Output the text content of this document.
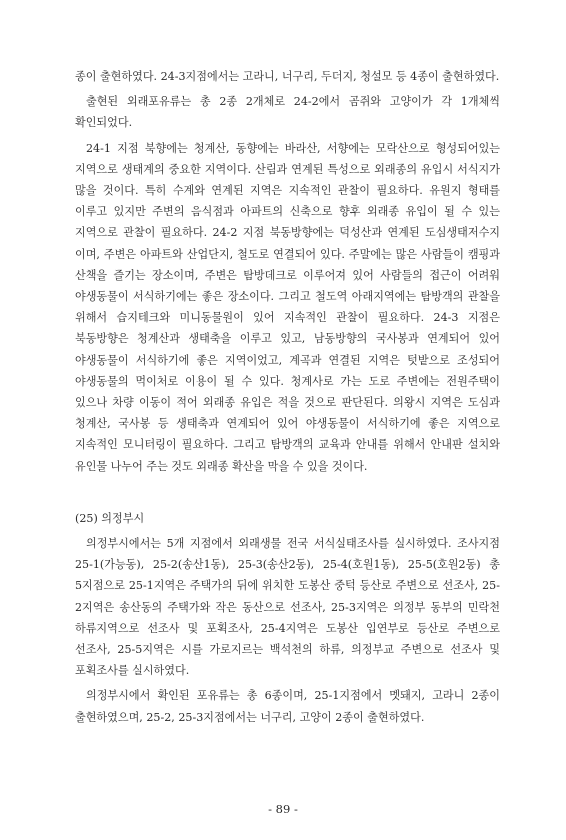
종이 출현하였다. 24-3지점에서는 고라니, 너구리, 두더지, 청설모 등 4종이 출현하였다.

출현된 외래포유류는 총 2종 2개체로 24-2에서 곰쥐와 고양이가 각 1개체씩 확인되었다.

24-1 지점 북향에는 청계산, 동향에는 바라산, 서향에는 모락산으로 형성되어있는 지역으로 생태계의 중요한 지역이다. 산림과 연계된 특성으로 외래종의 유입시 서식지가 많을 것이다. 특히 수계와 연계된 지역은 지속적인 관찰이 필요하다. 유원지 형태를 이루고 있지만 주변의 음식점과 아파트의 신축으로 향후 외래종 유입이 될 수 있는 지역으로 관찰이 필요하다. 24-2 지점 북동방향에는 덕성산과 연계된 도심생태저수지 이며, 주변은 아파트와 산업단지, 철도로 연결되어 있다. 주말에는 많은 사람들이 캠핑과 산책을 즐기는 장소이며, 주변은 탐방데크로 이루어져 있어 사람들의 접근이 어려워 야생동물이 서식하기에는 좋은 장소이다. 그리고 철도역 아래지역에는 탐방객의 관찰을 위해서 습지테크와 미니동물원이 있어 지속적인 관찰이 필요하다. 24-3 지점은 북동방향은 청계산과 생태축을 이루고 있고, 남동방향의 국사봉과 연계되어 있어 야생동물이 서식하기에 좋은 지역이었고, 계곡과 연결된 지역은 텃밭으로 조성되어 야생동물의 먹이처로 이용이 될 수 있다. 청계사로 가는 도로 주변에는 전원주택이 있으나 차량 이동이 적어 외래종 유입은 적을 것으로 판단된다. 의왕시 지역은 도심과 청계산, 국사봉 등 생태축과 연계되어 있어 야생동물이 서식하기에 좋은 지역으로 지속적인 모니터링이 필요하다. 그리고 탐방객의 교육과 안내를 위해서 안내판 설치와 유인물 나누어 주는 것도 외래종 확산을 막을 수 있을 것이다.

(25) 의정부시

의정부시에서는 5개 지점에서 외래생물 전국 서식실태조사를 실시하였다. 조사지점 25-1(가능동), 25-2(송산1동), 25-3(송산2동), 25-4(호원1동), 25-5(호원2동) 총 5지점으로 25-1지역은 주택가의 뒤에 위치한 도봉산 중턱 등산로 주변으로 선조사, 25-2지역은 송산동의 주택가와 작은 동산으로 선조사, 25-3지역은 의정부 동부의 민락천 하류지역으로 선조사 및 포획조사, 25-4지역은 도봉산 입연부로 등산로 주변으로 선조사, 25-5지역은 시를 가로지르는 백석천의 하류, 의정부교 주변으로 선조사 및 포획조사를 실시하였다.

의정부시에서 확인된 포유류는 총 6종이며, 25-1지점에서 멧돼지, 고라니 2종이 출현하였으며, 25-2, 25-3지점에서는 너구리, 고양이 2종이 출현하였다.

- 89 -
